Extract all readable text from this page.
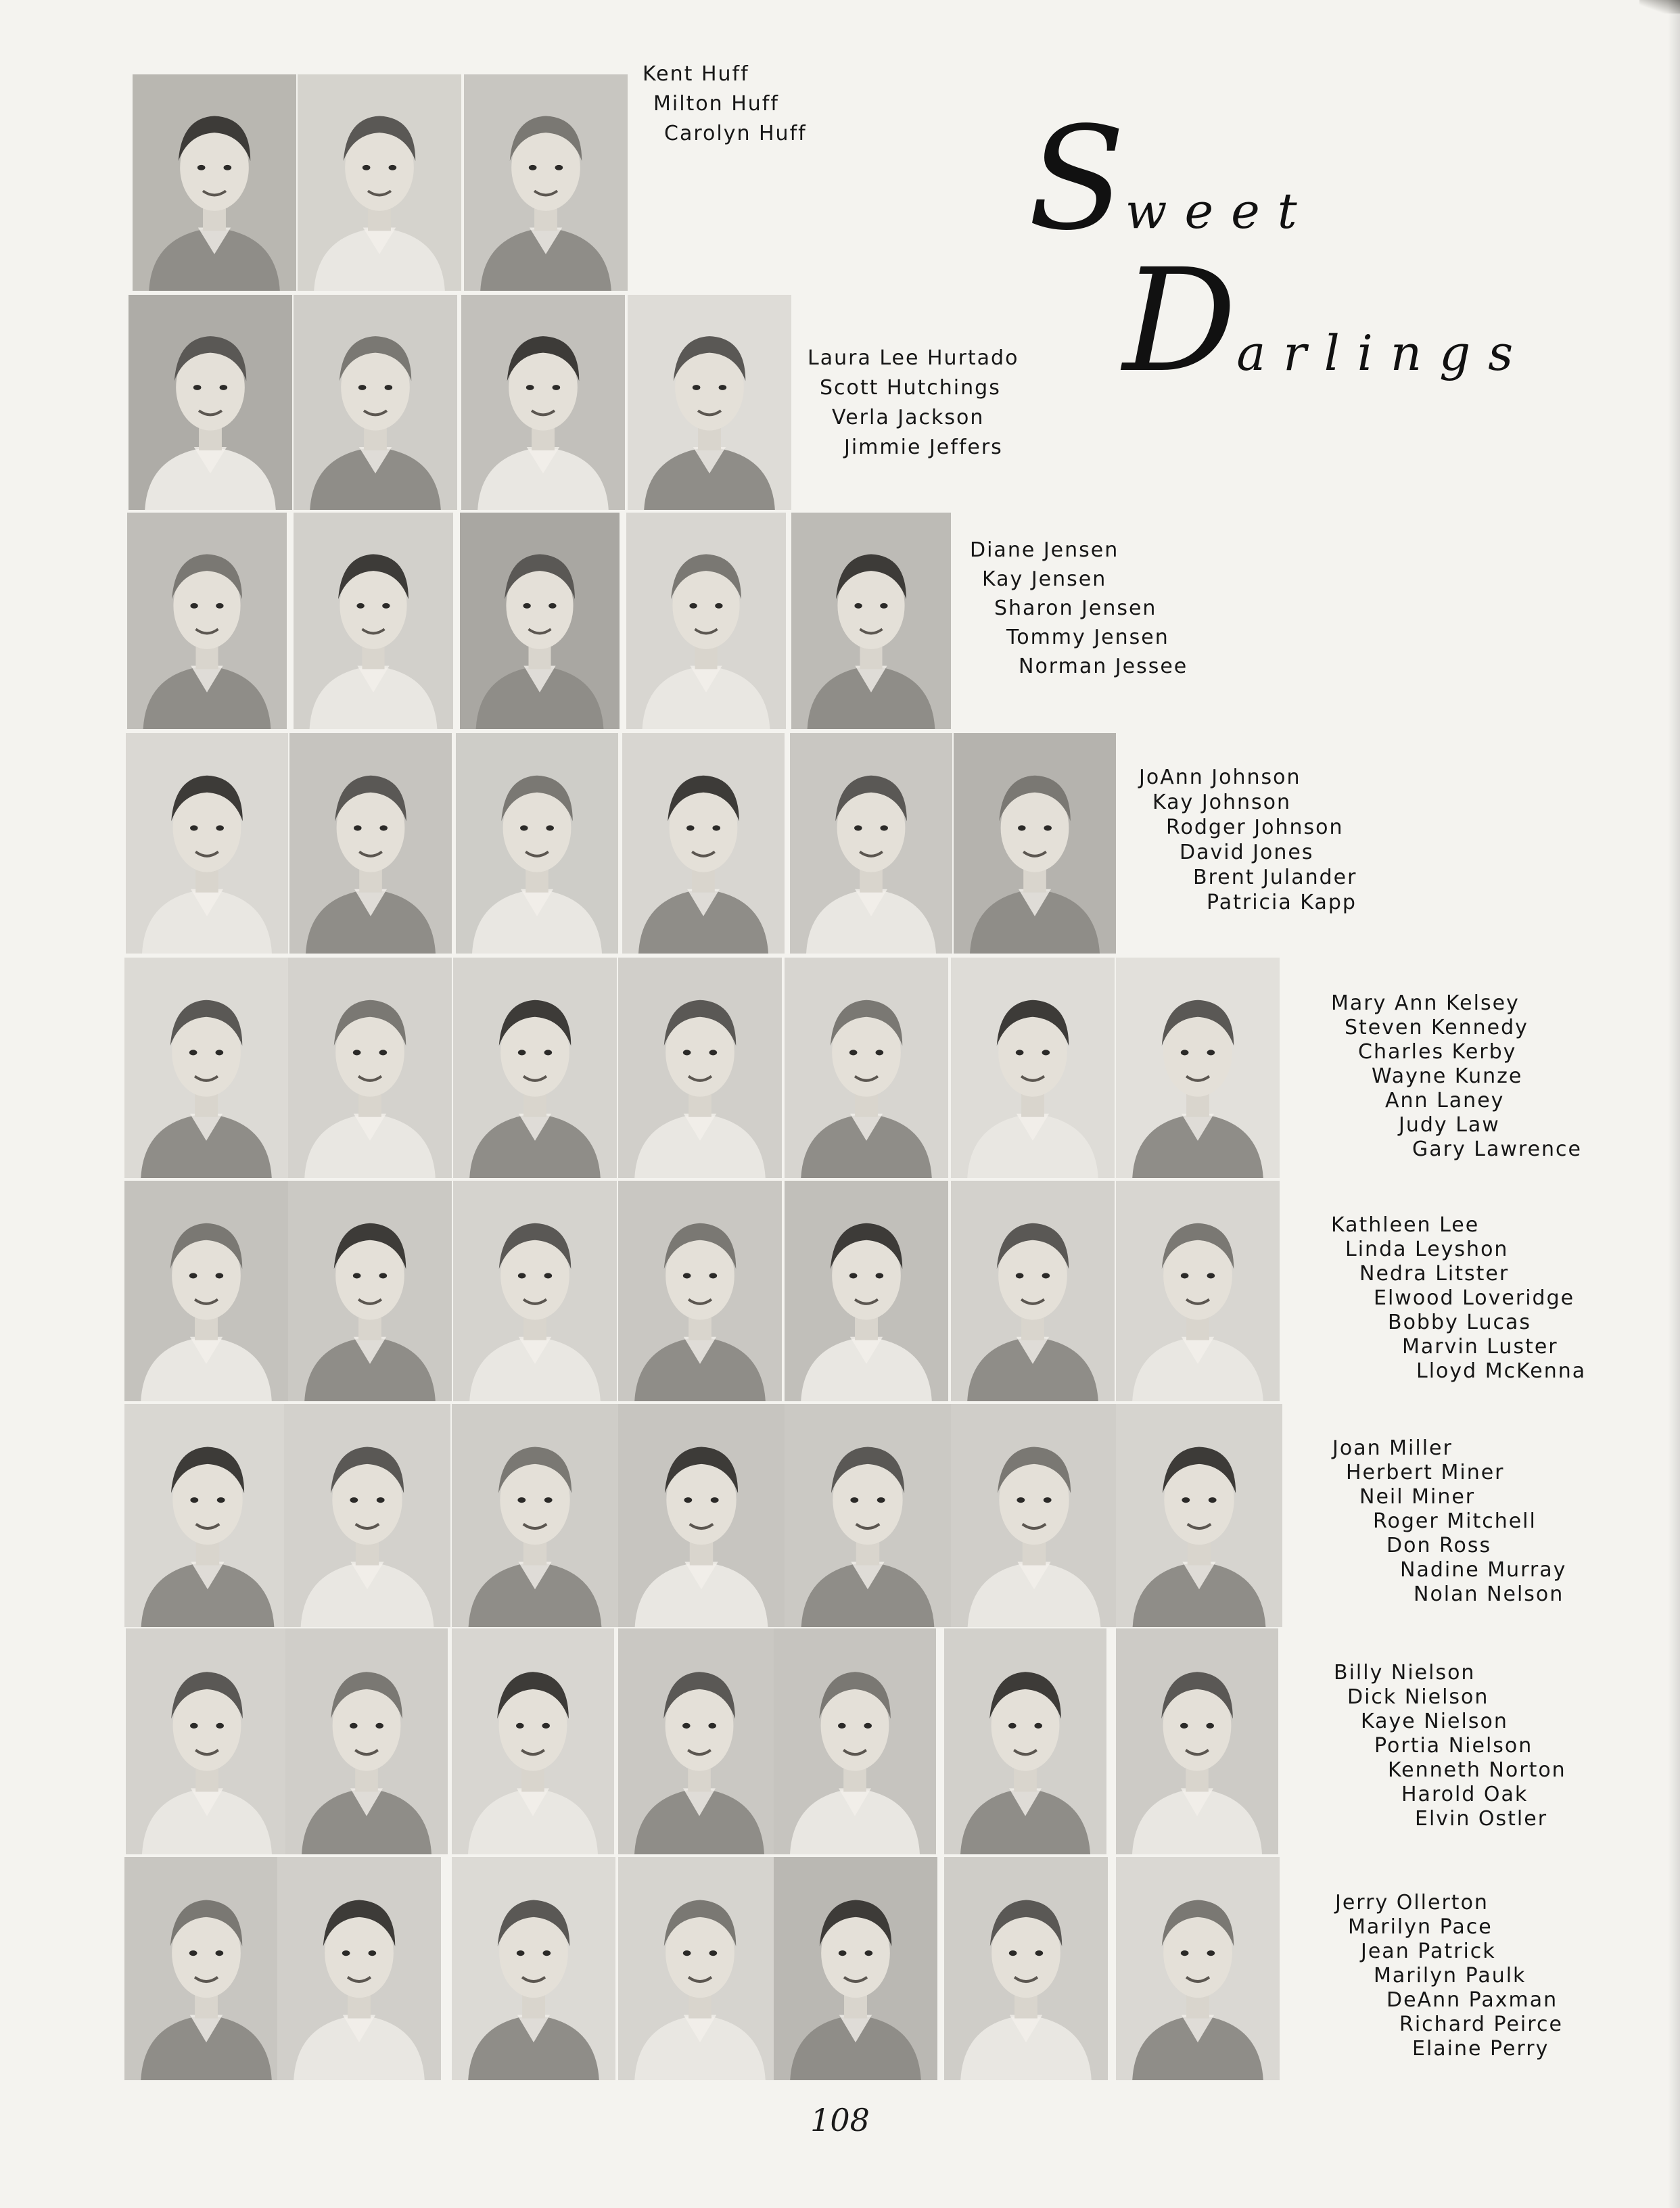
Sweet
Darlings
Kent Huff
Milton Huff
Carolyn Huff
Laura Lee Hurtado
Scott Hutchings
Verla Jackson
Jimmie Jeffers
Diane Jensen
Kay Jensen
Sharon Jensen
Tommy Jensen
Norman Jessee
JoAnn Johnson
Kay Johnson
Rodger Johnson
David Jones
Brent Julander
Patricia Kapp
Mary Ann Kelsey
Steven Kennedy
Charles Kerby
Wayne Kunze
Ann Laney
Judy Law
Gary Lawrence
Kathleen Lee
Linda Leyshon
Nedra Litster
Elwood Loveridge
Bobby Lucas
Marvin Luster
Lloyd McKenna
Joan Miller
Herbert Miner
Neil Miner
Roger Mitchell
Don Ross
Nadine Murray
Nolan Nelson
Billy Nielson
Dick Nielson
Kaye Nielson
Portia Nielson
Kenneth Norton
Harold Oak
Elvin Ostler
Jerry Ollerton
Marilyn Pace
Jean Patrick
Marilyn Paulk
DeAnn Paxman
Richard Peirce
Elaine Perry
108
